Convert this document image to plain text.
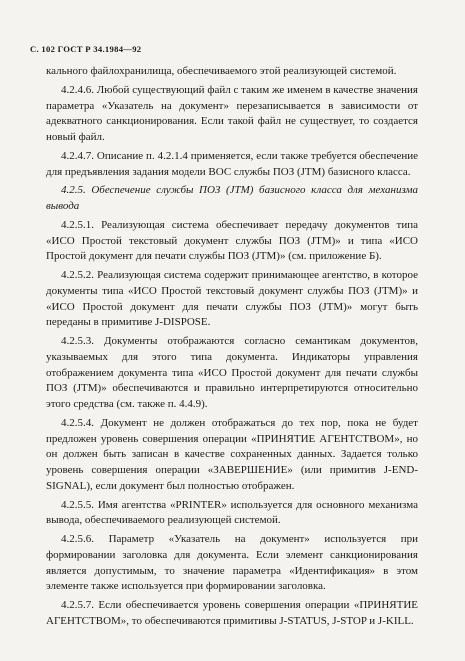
С. 102 ГОСТ Р 34.1984—92

кального файлохранилища, обеспечиваемого этой реализующей системой.

4.2.4.6. Любой существующий файл с таким же именем в качестве значения параметра «Указатель на документ» перезаписывается в зависимости от адекватного санкционирования. Если такой файл не существует, то создается новый файл.

4.2.4.7. Описание п. 4.2.1.4 применяется, если также требуется обеспечение для предъявления задания модели ВОС службы ПОЗ (JTM) базисного класса.

4.2.5. Обеспечение службы ПОЗ (JTM) базисного класса для механизма вывода

4.2.5.1. Реализующая система обеспечивает передачу документов типа «ИСО Простой текстовый документ службы ПОЗ (JTM)» и типа «ИСО Простой документ для печати службы ПОЗ (JTM)» (см. приложение Б).

4.2.5.2. Реализующая система содержит принимающее агентство, в которое документы типа «ИСО Простой текстовый документ службы ПОЗ (JTM)» и «ИСО Простой документ для печати службы ПОЗ (JTM)» могут быть переданы в примитиве J-DISPOSE.

4.2.5.3. Документы отображаются согласно семантикам документов, указываемых для этого типа документа. Индикаторы управления отображением документа типа «ИСО Простой документ для печати службы ПОЗ (JTM)» обеспечиваются и правильно интерпретируются относительно этого средства (см. также п. 4.4.9).

4.2.5.4. Документ не должен отображаться до тех пор, пока не будет предложен уровень совершения операции «ПРИНЯТИЕ АГЕНТСТВОМ», но он должен быть записан в качестве сохраненных данных. Задается только уровень совершения операции «ЗАВЕРШЕНИЕ» (или примитив J-END-SIGNAL), если документ был полностью отображен.

4.2.5.5. Имя агентства «PRINTER» используется для основного механизма вывода, обеспечиваемого реализующей системой.

4.2.5.6. Параметр «Указатель на документ» используется при формировании заголовка для документа. Если элемент санкционирования является допустимым, то значение параметра «Идентификация» в этом элементе также используется при формировании заголовка.

4.2.5.7. Если обеспечивается уровень совершения операции «ПРИНЯТИЕ АГЕНТСТВОМ», то обеспечиваются примитивы J-STATUS, J-STOP и J-KILL.
